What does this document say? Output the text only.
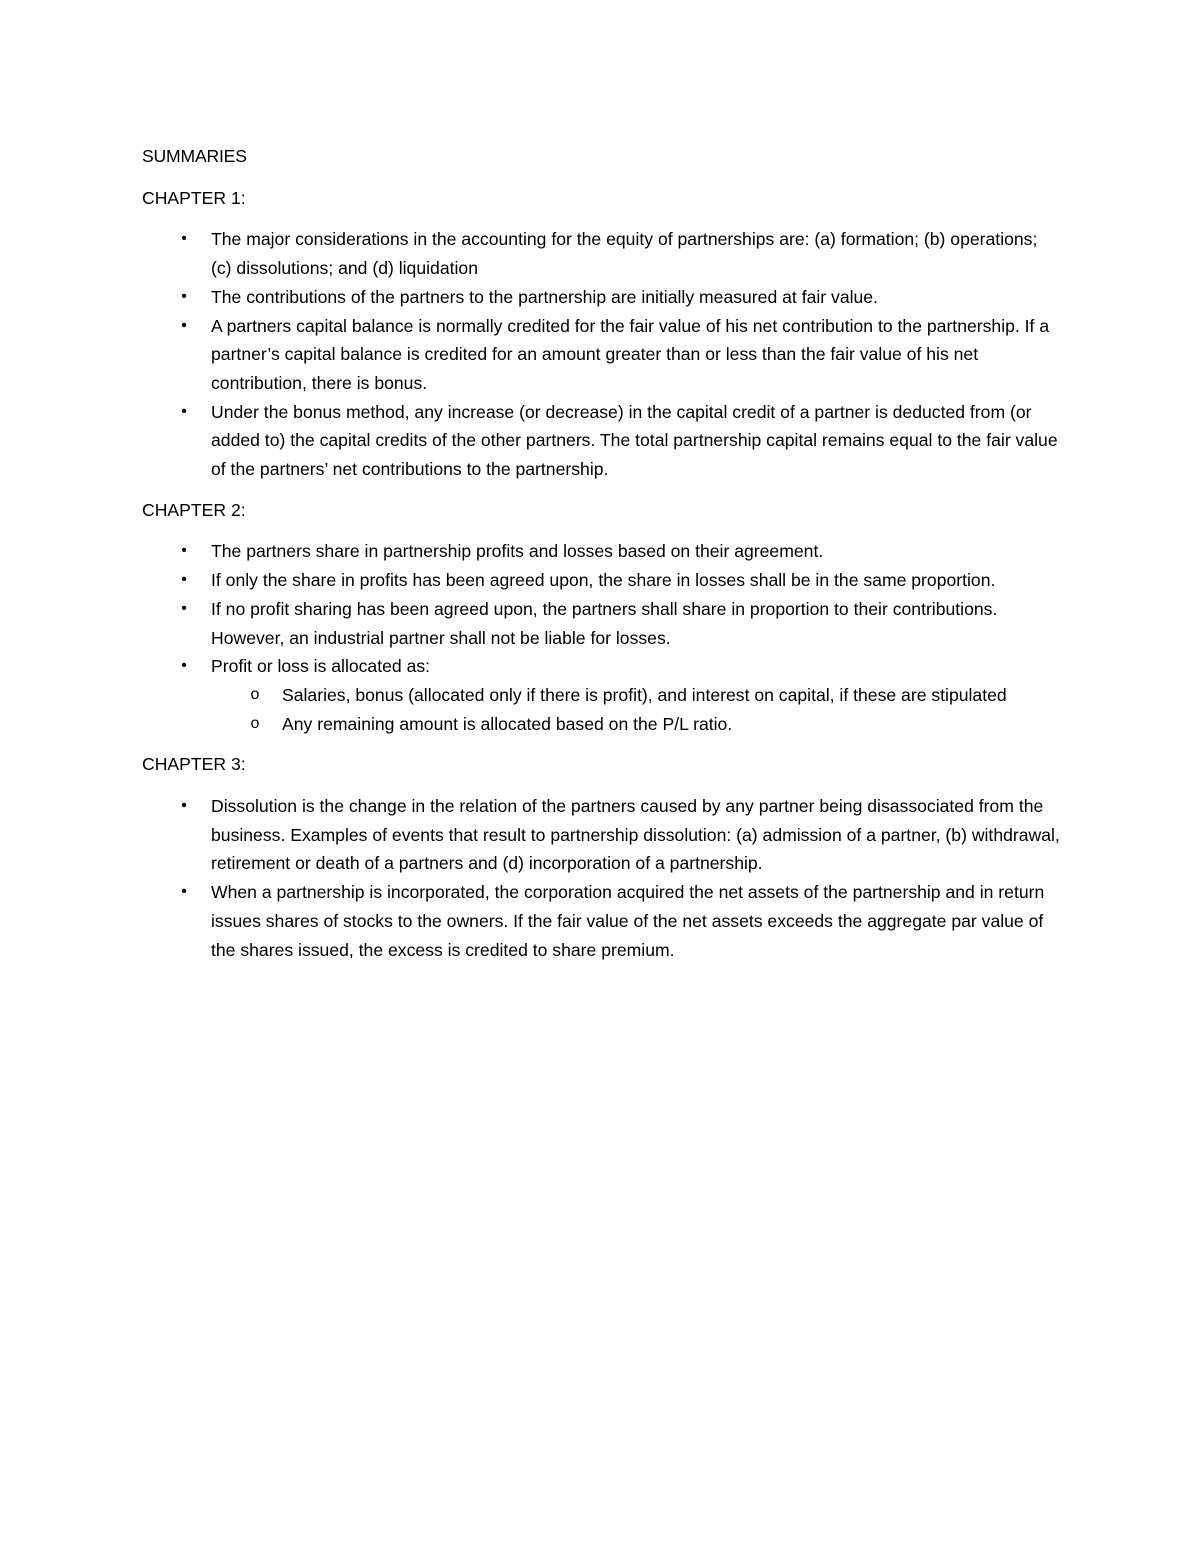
SUMMARIES
CHAPTER 1:
•	The major considerations in the accounting for the equity of partnerships are: (a) formation; (b) operations; (c) dissolutions; and (d) liquidation
•	The contributions of the partners to the partnership are initially measured at fair value.
•	A partners capital balance is normally credited for the fair value of his net contribution to the partnership. If a partner’s capital balance is credited for an amount greater than or less than the fair value of his net contribution, there is bonus.
•	Under the bonus method, any increase (or decrease) in the capital credit of a partner is deducted from (or added to) the capital credits of the other partners. The total partnership capital remains equal to the fair value of the partners’ net contributions to the partnership.
CHAPTER 2:
•	The partners share in partnership profits and losses based on their agreement.
•	If only the share in profits has been agreed upon, the share in losses shall be in the same proportion.
•	If no profit sharing has been agreed upon, the partners shall share in proportion to their contributions. However, an industrial partner shall not be liable for losses.
•	Profit or loss is allocated as:
o Salaries, bonus (allocated only if there is profit), and interest on capital, if these are stipulated
o Any remaining amount is allocated based on the P/L ratio.
CHAPTER 3:
•	Dissolution is the change in the relation of the partners caused by any partner being disassociated from the business. Examples of events that result to partnership dissolution: (a) admission of a partner, (b) withdrawal, retirement or death of a partners and (d) incorporation of a partnership.
•	When a partnership is incorporated, the corporation acquired the net assets of the partnership and in return issues shares of stocks to the owners. If the fair value of the net assets exceeds the aggregate par value of the shares issued, the excess is credited to share premium.
